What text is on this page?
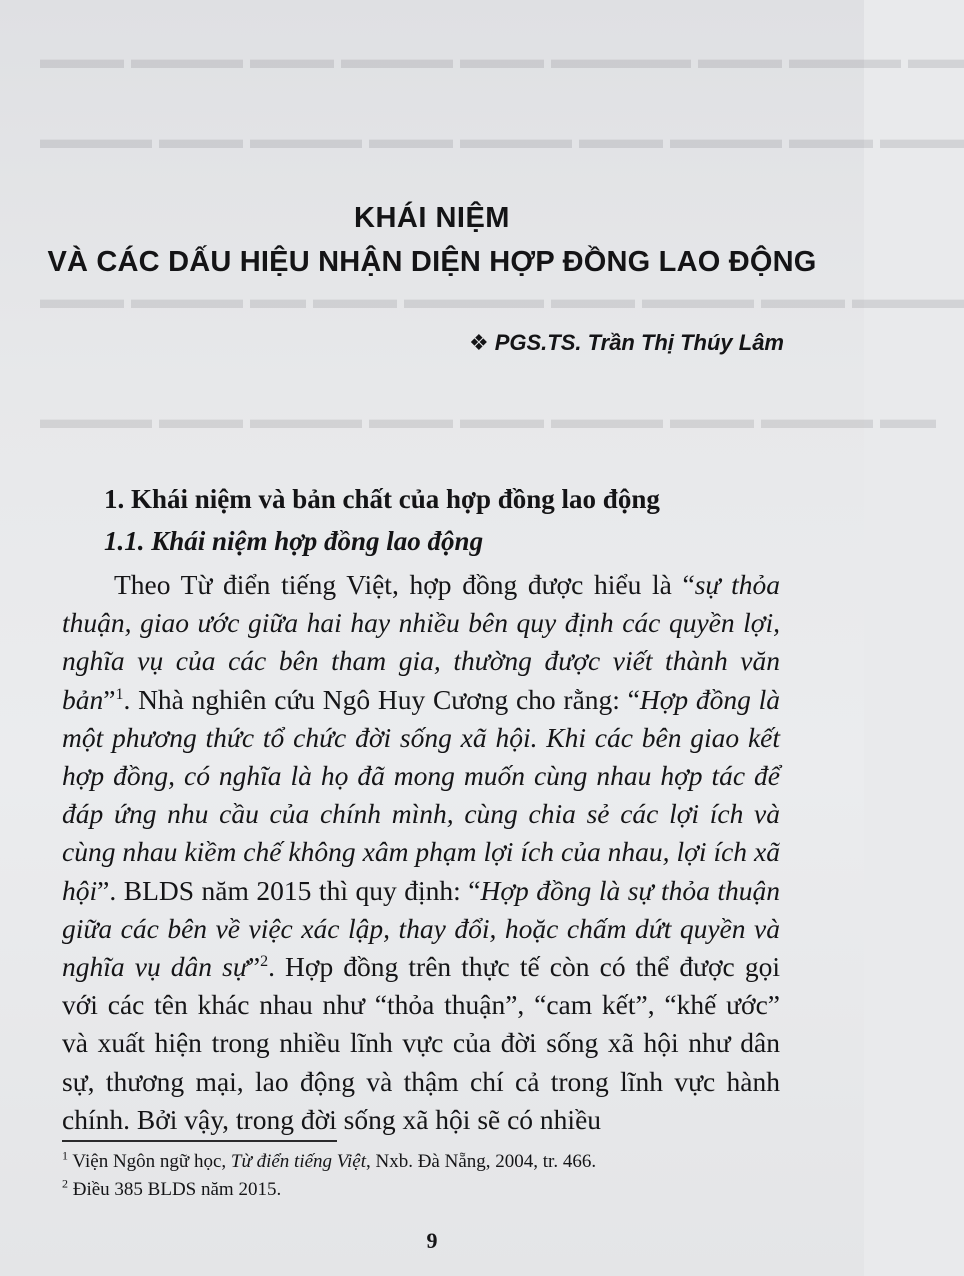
▬▬▬ ▬▬▬▬ ▬▬▬ ▬▬▬▬ ▬▬▬ ▬▬▬▬▬ ▬▬▬ ▬▬▬▬ ▬▬
▬▬▬▬ ▬▬▬ ▬▬▬▬ ▬▬▬ ▬▬▬▬ ▬▬▬ ▬▬▬▬ ▬▬▬ ▬▬▬
▬▬▬ ▬▬▬▬ ▬▬ ▬▬▬ ▬▬▬▬▬ ▬▬▬ ▬▬▬▬ ▬▬▬ ▬▬▬▬
▬▬▬▬ ▬▬▬ ▬▬▬▬ ▬▬▬ ▬▬▬ ▬▬▬▬ ▬▬▬ ▬▬▬▬ ▬▬
KHÁI NIỆM
VÀ CÁC DẤU HIỆU NHẬN DIỆN HỢP ĐỒNG LAO ĐỘNG
❖ PGS.TS. Trần Thị Thúy Lâm
1. Khái niệm và bản chất của hợp đồng lao động
1.1. Khái niệm hợp đồng lao động
Theo Từ điển tiếng Việt, hợp đồng được hiểu là “sự thỏa thuận, giao ước giữa hai hay nhiều bên quy định các quyền lợi, nghĩa vụ của các bên tham gia, thường được viết thành văn bản”$^1$. Nhà nghiên cứu Ngô Huy Cương cho rằng: “Hợp đồng là một phương thức tổ chức đời sống xã hội. Khi các bên giao kết hợp đồng, có nghĩa là họ đã mong muốn cùng nhau hợp tác để đáp ứng nhu cầu của chính mình, cùng chia sẻ các lợi ích và cùng nhau kiềm chế không xâm phạm lợi ích của nhau, lợi ích xã hội”. BLDS năm 2015 thì quy định: “Hợp đồng là sự thỏa thuận giữa các bên về việc xác lập, thay đổi, hoặc chấm dứt quyền và nghĩa vụ dân sự”$^2$. Hợp đồng trên thực tế còn có thể được gọi với các tên khác nhau như “thỏa thuận”, “cam kết”, “khế ước” và xuất hiện trong nhiều lĩnh vực của đời sống xã hội như dân sự, thương mại, lao động và thậm chí cả trong lĩnh vực hành chính. Bởi vậy, trong đời sống xã hội sẽ có nhiều
$^1$ Viện Ngôn ngữ học, Từ điển tiếng Việt, Nxb. Đà Nẵng, 2004, tr. 466.
$^2$ Điều 385 BLDS năm 2015.
9
